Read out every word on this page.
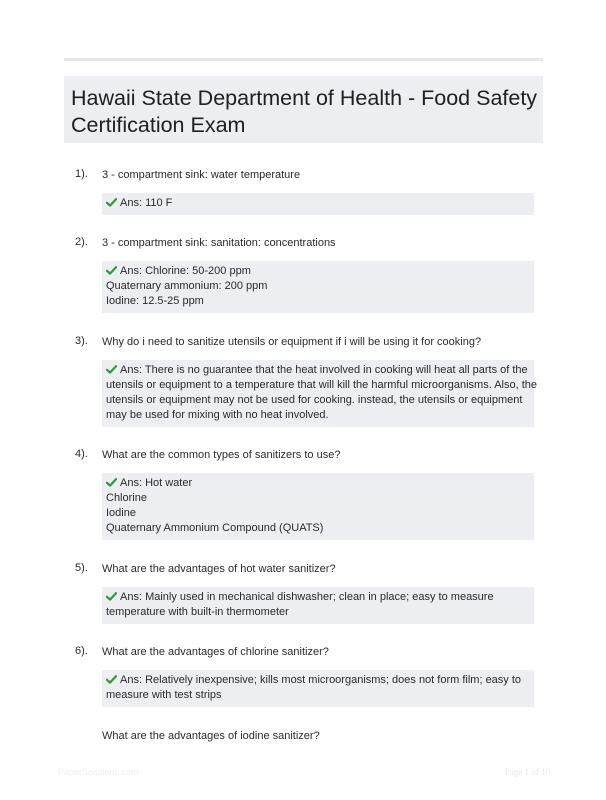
Hawaii State Department of Health - Food Safety
Certification Exam
1). 3 - compartment sink: water temperature
Ans: 110 F
2). 3 - compartment sink: sanitation: concentrations
Ans: Chlorine: 50-200 ppm
Quaternary ammonium: 200 ppm
Iodine: 12.5-25 ppm
3). Why do i need to sanitize utensils or equipment if i will be using it for cooking?
Ans: There is no guarantee that the heat involved in cooking will heat all parts of the
utensils or equipment to a temperature that will kill the harmful microorganisms. Also, the
utensils or equipment may not be used for cooking. instead, the utensils or equipment
may be used for mixing with no heat involved.
4). What are the common types of sanitizers to use?
Ans: Hot water
Chlorine
Iodine
Quaternary Ammonium Compound (QUATS)
5). What are the advantages of hot water sanitizer?
Ans: Mainly used in mechanical dishwasher; clean in place; easy to measure
temperature with built-in thermometer
6). What are the advantages of chlorine sanitizer?
Ans: Relatively inexpensive; kills most microorganisms; does not form film; easy to
measure with test strips
What are the advantages of iodine sanitizer?
PaperSolutions.com	Page 1 of 10
